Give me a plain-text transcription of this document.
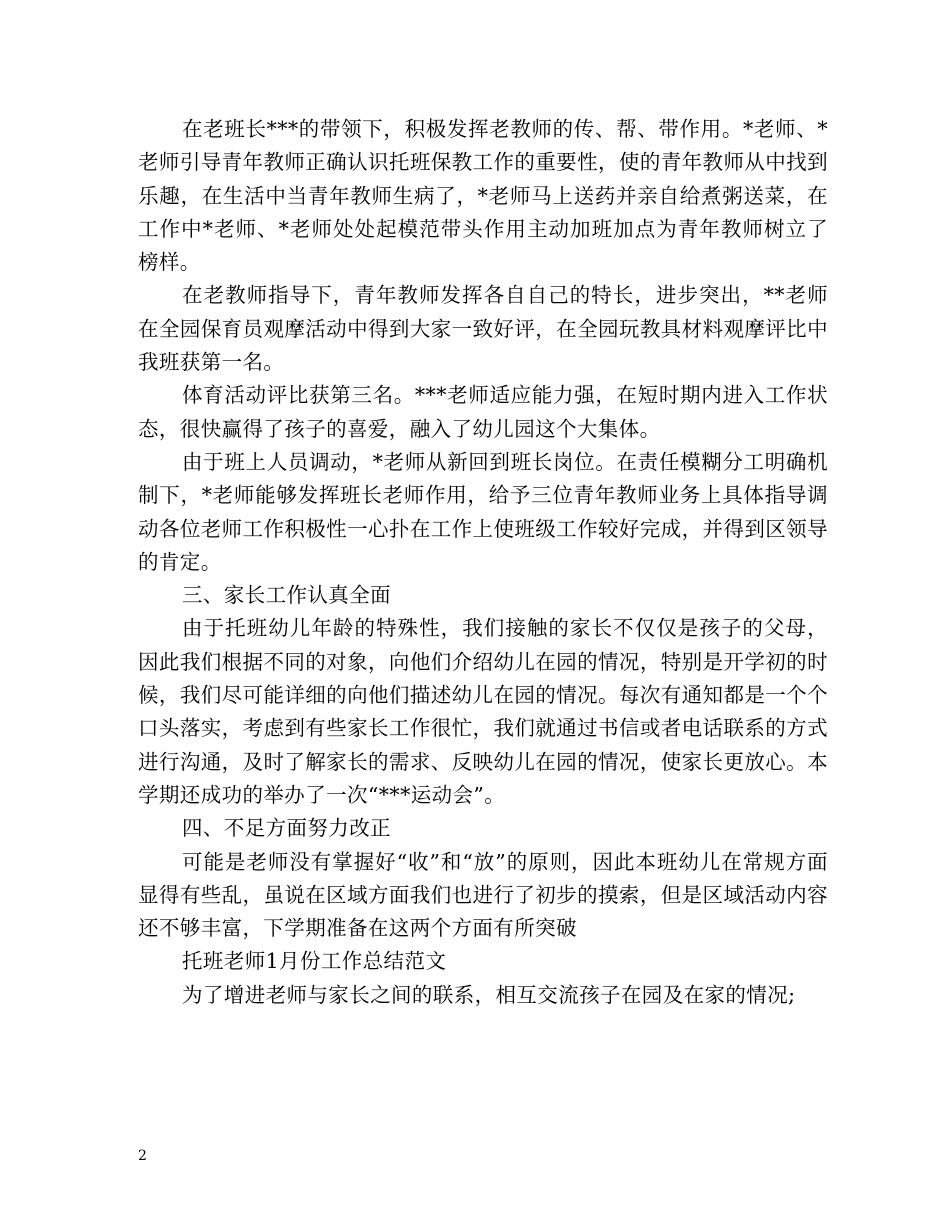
在老班长***的带领下，积极发挥老教师的传、帮、带作用。*老师、*老师引导青年教师正确认识托班保教工作的重要性，使的青年教师从中找到乐趣，在生活中当青年教师生病了，*老师马上送药并亲自给煮粥送菜，在工作中*老师、*老师处处起模范带头作用主动加班加点为青年教师树立了榜样。

在老教师指导下，青年教师发挥各自自己的特长，进步突出，**老师在全园保育员观摩活动中得到大家一致好评，在全园玩教具材料观摩评比中我班获第一名。

体育活动评比获第三名。***老师适应能力强，在短时期内进入工作状态，很快赢得了孩子的喜爱，融入了幼儿园这个大集体。

由于班上人员调动，*老师从新回到班长岗位。在责任模糊分工明确机制下，*老师能够发挥班长老师作用，给予三位青年教师业务上具体指导调动各位老师工作积极性一心扑在工作上使班级工作较好完成，并得到区领导的肯定。

三、家长工作认真全面

由于托班幼儿年龄的特殊性，我们接触的家长不仅仅是孩子的父母，因此我们根据不同的对象，向他们介绍幼儿在园的情况，特别是开学初的时候，我们尽可能详细的向他们描述幼儿在园的情况。每次有通知都是一个个口头落实，考虑到有些家长工作很忙，我们就通过书信或者电话联系的方式进行沟通，及时了解家长的需求、反映幼儿在园的情况，使家长更放心。本学期还成功的举办了一次“***运动会”。

四、不足方面努力改正

可能是老师没有掌握好“收”和“放”的原则，因此本班幼儿在常规方面显得有些乱，虽说在区域方面我们也进行了初步的摸索，但是区域活动内容还不够丰富，下学期准备在这两个方面有所突破

托班老师1月份工作总结范文

为了增进老师与家长之间的联系，相互交流孩子在园及在家的情况;

2
